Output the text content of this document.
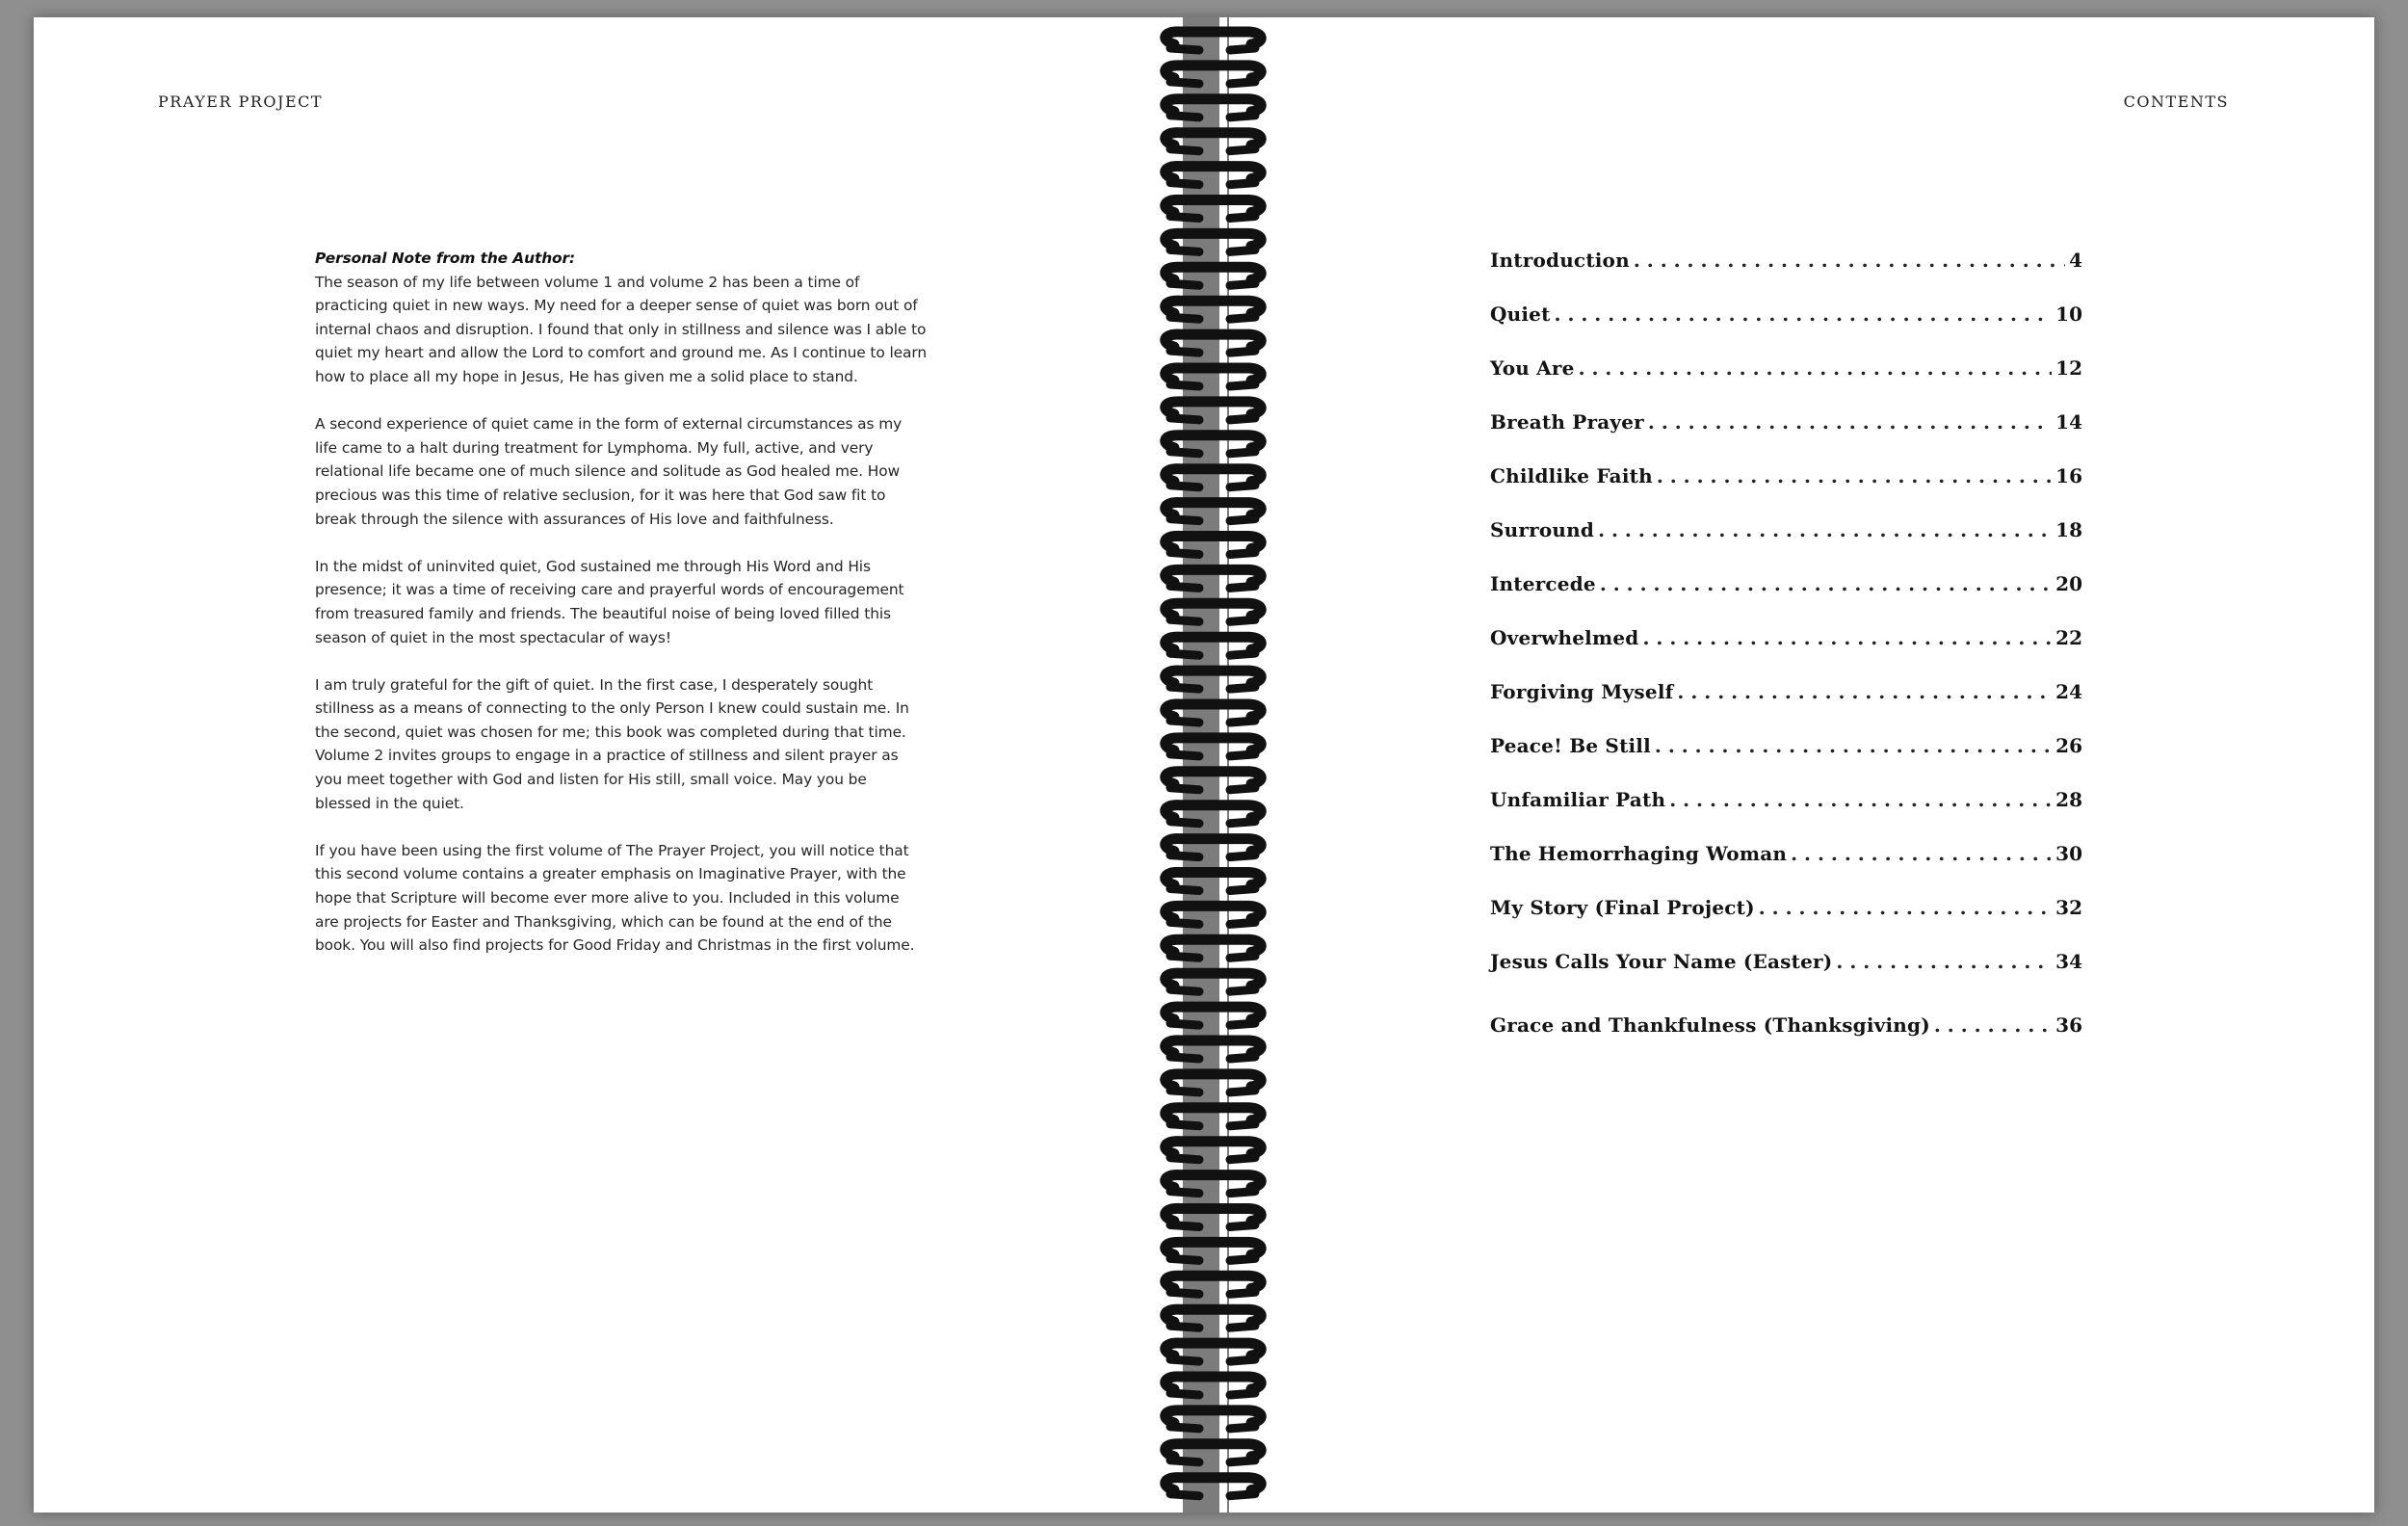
PRAYER PROJECT
Personal Note from the Author:

The season of my life between volume 1 and volume 2 has been a time of practicing quiet in new ways. My need for a deeper sense of quiet was born out of internal chaos and disruption. I found that only in stillness and silence was I able to quiet my heart and allow the Lord to comfort and ground me. As I continue to learn how to place all my hope in Jesus, He has given me a solid place to stand.

A second experience of quiet came in the form of external circumstances as my life came to a halt during treatment for Lymphoma. My full, active, and very relational life became one of much silence and solitude as God healed me. How precious was this time of relative seclusion, for it was here that God saw fit to break through the silence with assurances of His love and faithfulness.

In the midst of uninvited quiet, God sustained me through His Word and His presence; it was a time of receiving care and prayerful words of encouragement from treasured family and friends. The beautiful noise of being loved filled this season of quiet in the most spectacular of ways!

I am truly grateful for the gift of quiet. In the first case, I desperately sought stillness as a means of connecting to the only Person I knew could sustain me. In the second, quiet was chosen for me; this book was completed during that time. Volume 2 invites groups to engage in a practice of stillness and silent prayer as you meet together with God and listen for His still, small voice. May you be blessed in the quiet.

If you have been using the first volume of The Prayer Project, you will notice that this second volume contains a greater emphasis on Imaginative Prayer, with the hope that Scripture will become ever more alive to you. Included in this volume are projects for Easter and Thanksgiving, which can be found at the end of the book. You will also find projects for Good Friday and Christmas in the first volume.

CONTENTS
Introduction . . .	4
Quiet . . .	10
You Are . . .	12
Breath Prayer . . .	14
Childlike Faith . . .	16
Surround . . .	18
Intercede . . .	20
Overwhelmed . . .	22
Forgiving Myself . . .	24
Peace! Be Still . . .	26
Unfamiliar Path . . .	28
The Hemorrhaging Woman . . .	30
My Story (Final Project) . . .	32
Jesus Calls Your Name (Easter) . . .	34
Grace and Thankfulness (Thanksgiving) . . .	36
